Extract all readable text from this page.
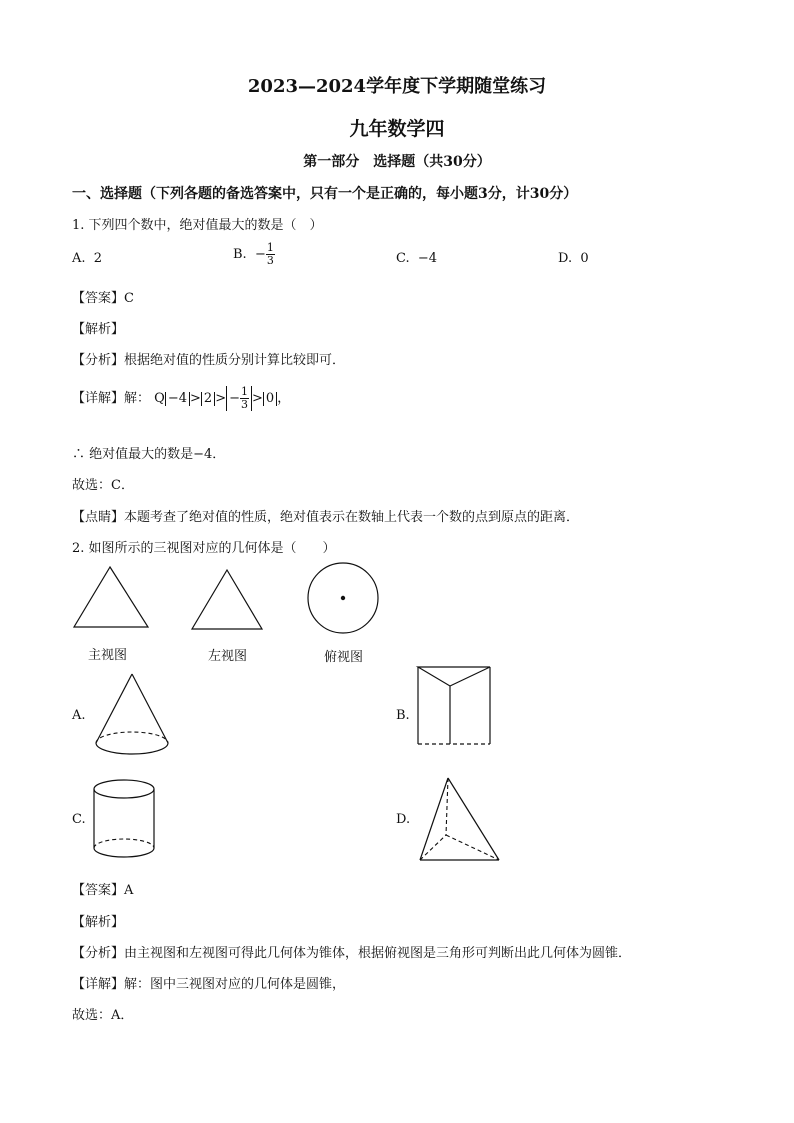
2023—2024学年度下学期随堂练习
九年数学四
第一部分　选择题（共30分）
一、选择题（下列各题的备选答案中，只有一个是正确的，每小题3分，计30分）
1. 下列四个数中，绝对值最大的数是（　）
A. 2	B. − $\frac{1}{3}$	C. −4	D. 0
【答案】C
【解析】
【分析】根据绝对值的性质分别计算比较即可．
【详解】解： Q −4 > 2 > − $\frac{1}{3} > 0$ ，
∴ 绝对值最大的数是−4．
故选：C．
【点睛】本题考查了绝对值的性质，绝对值表示在数轴上代表一个数的点到原点的距离．
2. 如图所示的三视图对应的几何体是（　　）
主视图	左视图	俯视图
A.	B.
C.	D.
【答案】A
【解析】
【分析】由主视图和左视图可得此几何体为锥体，根据俯视图是三角形可判断出此几何体为圆锥．
【详解】解：图中三视图对应的几何体是圆锥，
故选：A．
